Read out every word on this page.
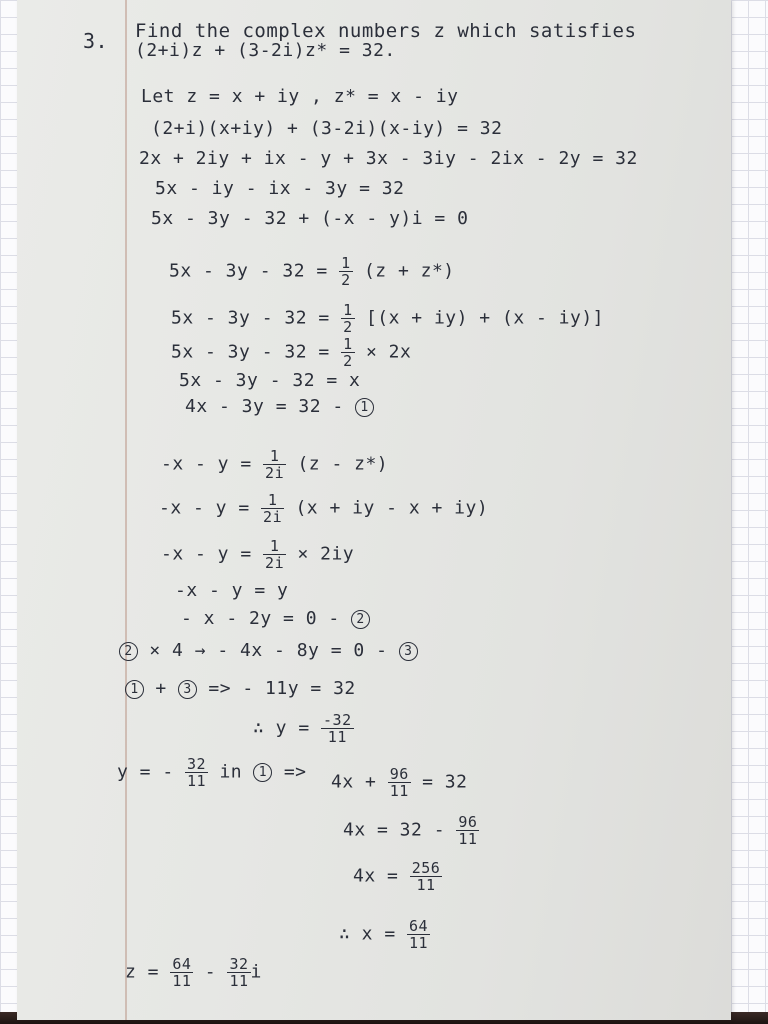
3. Find the complex numbers z which satisfies
(2+i)z + (3-2i)z* = 32.
Let z = x + iy , z* = x - iy
(2+i)(x+iy) + (3-2i)(x-iy) = 32
2x + 2iy + ix - y + 3x - 3iy - 2ix - 2y = 32
5x - iy - ix - 3y = 32
5x - 3y - 32 + (-x - y)i = 0
$5x - 3y - 32 = \frac{1}{2} (z + z*)$
$5x - 3y - 32 = \frac{1}{2} [(x + iy) + (x - iy)]$
$5x - 3y - 32 = \frac{1}{2} \times 2x$
5x - 3y - 32 = x
4x - 3y = 32 - 1
$-x - y = \frac{1}{2i} (z - z*)$
$-x - y = \frac{1}{2i} (x$ + iy - x + iy)
$-x - y = \frac{1}{2i} \times 2iy$
-x - y = y
- x - 2y = 0 - 2
2 × 4 → - 4x - 8y = 0 - 3
1 + 3 => - 11y = 32
∴ $y = \frac{-32}{11}$
y = - $\frac{32}{11}$ in $1 => 4x + \frac{96}{11} = 32$
$4x = 32 - \frac{96}{11}$
$4x = \frac{256}{11}$
∴ $x = \frac{64}{11}$
$z = \frac{64}{11} - \frac{32}{11}$ i
